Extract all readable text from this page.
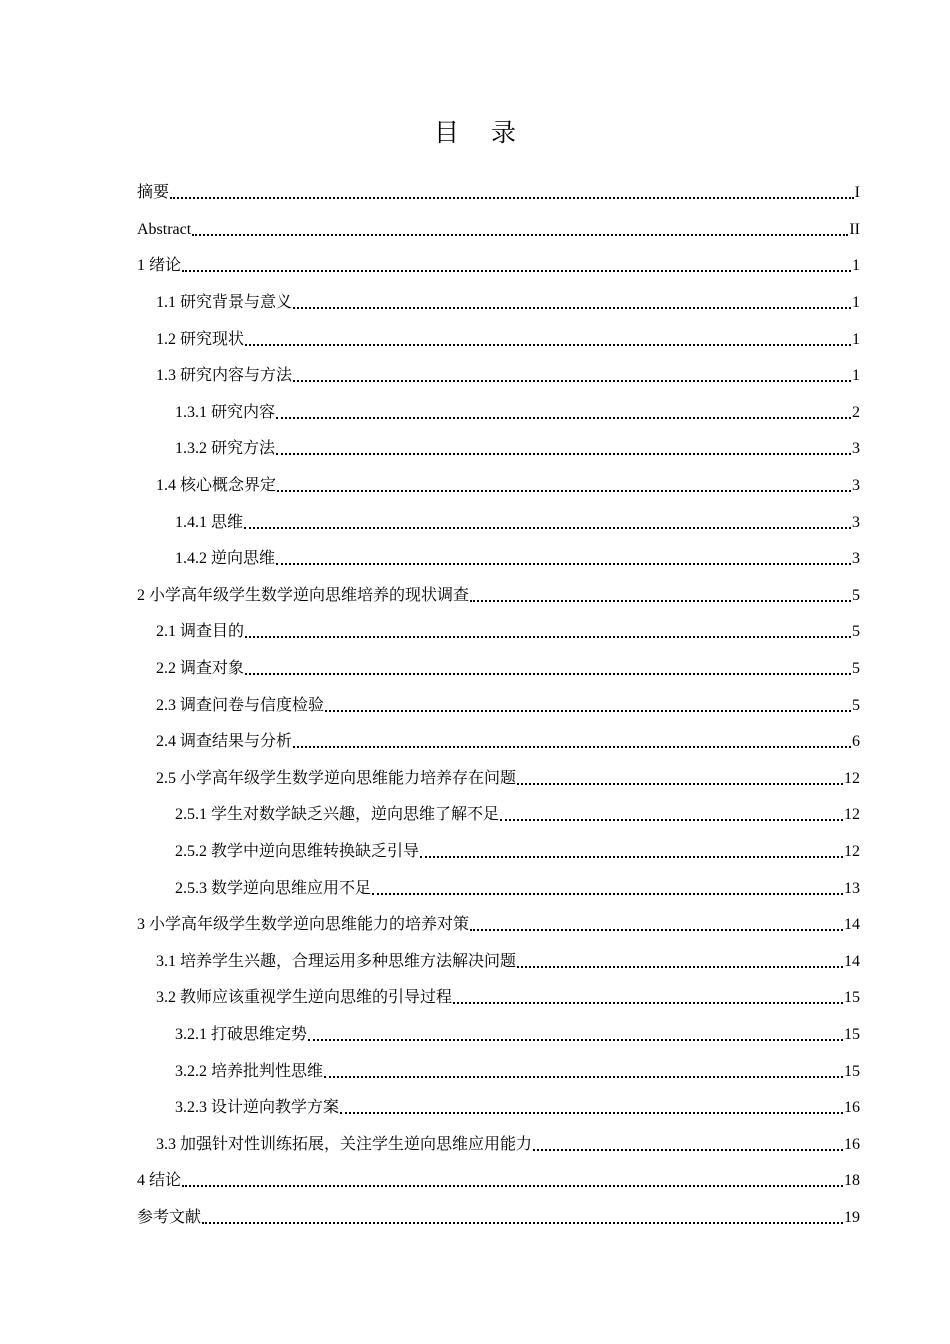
目 录
摘要	I
Abstract	II
1 绪论	1
1.1 研究背景与意义	1
1.2 研究现状	1
1.3 研究内容与方法	1
1.3.1 研究内容	2
1.3.2 研究方法	3
1.4 核心概念界定	3
1.4.1 思维	3
1.4.2 逆向思维	3
2 小学高年级学生数学逆向思维培养的现状调查	5
2.1 调查目的	5
2.2 调查对象	5
2.3 调查问卷与信度检验	5
2.4 调查结果与分析	6
2.5 小学高年级学生数学逆向思维能力培养存在问题	12
2.5.1 学生对数学缺乏兴趣，逆向思维了解不足	12
2.5.2 教学中逆向思维转换缺乏引导	12
2.5.3 数学逆向思维应用不足	13
3 小学高年级学生数学逆向思维能力的培养对策	14
3.1 培养学生兴趣，合理运用多种思维方法解决问题	14
3.2 教师应该重视学生逆向思维的引导过程	15
3.2.1 打破思维定势	15
3.2.2 培养批判性思维	15
3.2.3 设计逆向教学方案	16
3.3 加强针对性训练拓展，关注学生逆向思维应用能力	16
4 结论	18
参考文献	19
